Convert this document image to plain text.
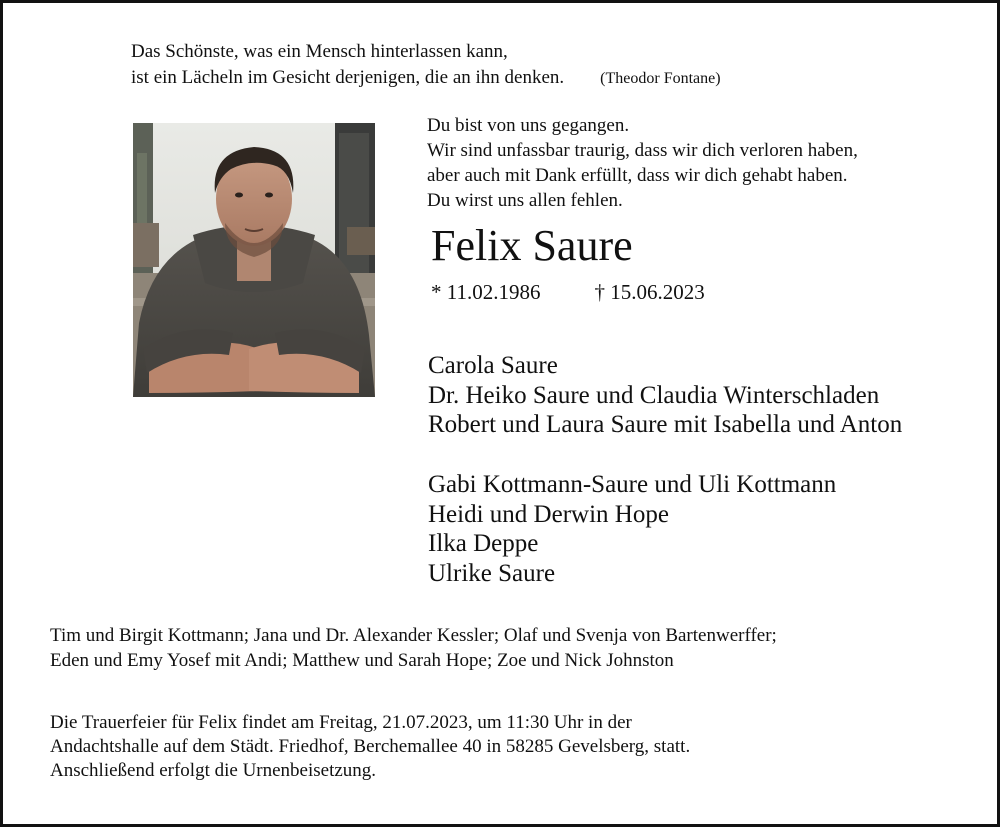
Das Schönste, was ein Mensch hinterlassen kann,
ist ein Lächeln im Gesicht derjenigen, die an ihn denken. (Theodor Fontane)
Du bist von uns gegangen.
Wir sind unfassbar traurig, dass wir dich verloren haben,
aber auch mit Dank erfüllt, dass wir dich gehabt haben.
Du wirst uns allen fehlen.
Felix Saure
* 11.02.1986	† 15.06.2023
Carola Saure
Dr. Heiko Saure und Claudia Winterschladen
Robert und Laura Saure mit Isabella und Anton
Gabi Kottmann-Saure und Uli Kottmann
Heidi und Derwin Hope
Ilka Deppe
Ulrike Saure
Tim und Birgit Kottmann; Jana und Dr. Alexander Kessler; Olaf und Svenja von Bartenwerffer;
Eden und Emy Yosef mit Andi; Matthew und Sarah Hope; Zoe und Nick Johnston
Die Trauerfeier für Felix findet am Freitag, 21.07.2023, um 11:30 Uhr in der
Andachtshalle auf dem Städt. Friedhof, Berchemallee 40 in 58285 Gevelsberg, statt.
Anschließend erfolgt die Urnenbeisetzung.
